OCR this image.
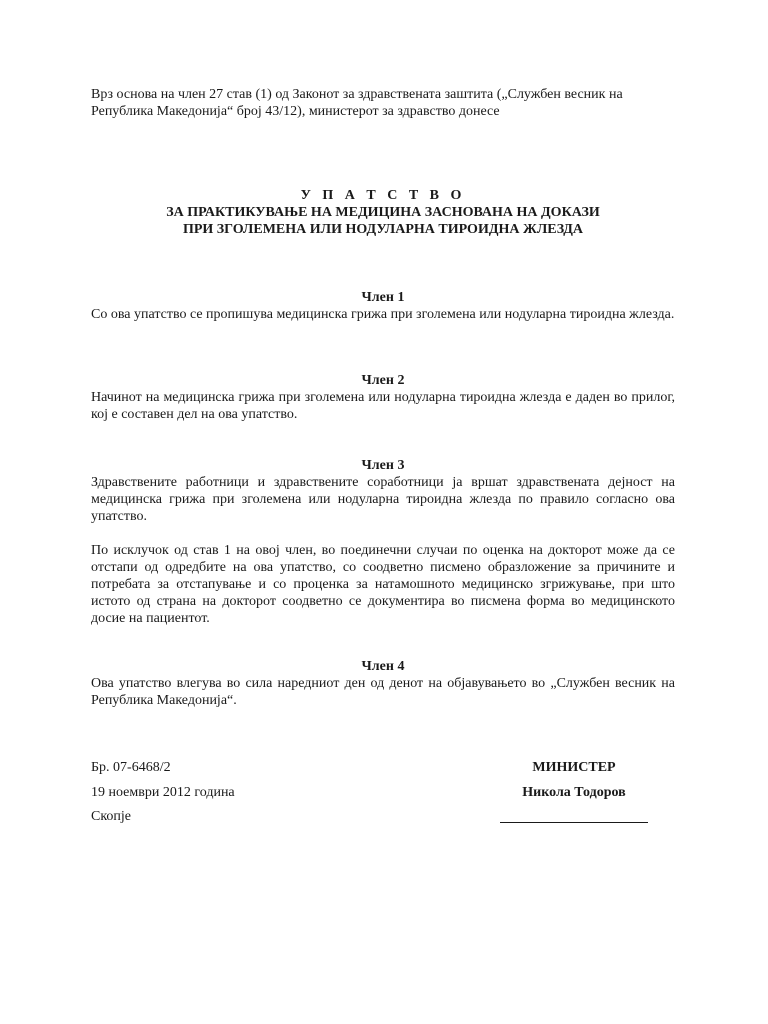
Врз основа на член 27 став (1) од Законот за здравствената заштита („Службен весник на Република Македонија“ број 43/12), министерот за здравство донесе

У П А Т С Т В О
ЗА ПРАКТИКУВАЊЕ НА МЕДИЦИНА ЗАСНОВАНА НА ДОКАЗИ
ПРИ ЗГОЛЕМЕНА ИЛИ НОДУЛАРНА ТИРОИДНА ЖЛЕЗДА

Член 1

Со ова упатство се пропишува медицинска грижа при зголемена или нодуларна тироидна жлезда.

Член 2

Начинот на медицинска грижа при зголемена или нодуларна тироидна жлезда е даден во прилог, кој е составен дел на ова упатство.

Член 3

Здравствените работници и здравствените соработници ја вршат здравствената дејност на медицинска грижа при зголемена или нодуларна тироидна жлезда по правило согласно ова упатство.

По исклучок од став 1 на овој член, во поединечни случаи по оценка на докторот може да се отстапи од одредбите на ова упатство, со соодветно писмено образложение за причините и потребата за отстапување и со проценка за натамошното медицинско згрижување, при што истото од страна на докторот соодветно се документира во писмена форма во медицинското досие на пациентот.

Член 4

Ова упатство влегува во сила наредниот ден од денот на објавувањето во „Службен весник на Република Македонија“.

Бр. 07-6468/2

19 ноември 2012 година

Скопје

МИНИСТЕР

Никола Тодоров
